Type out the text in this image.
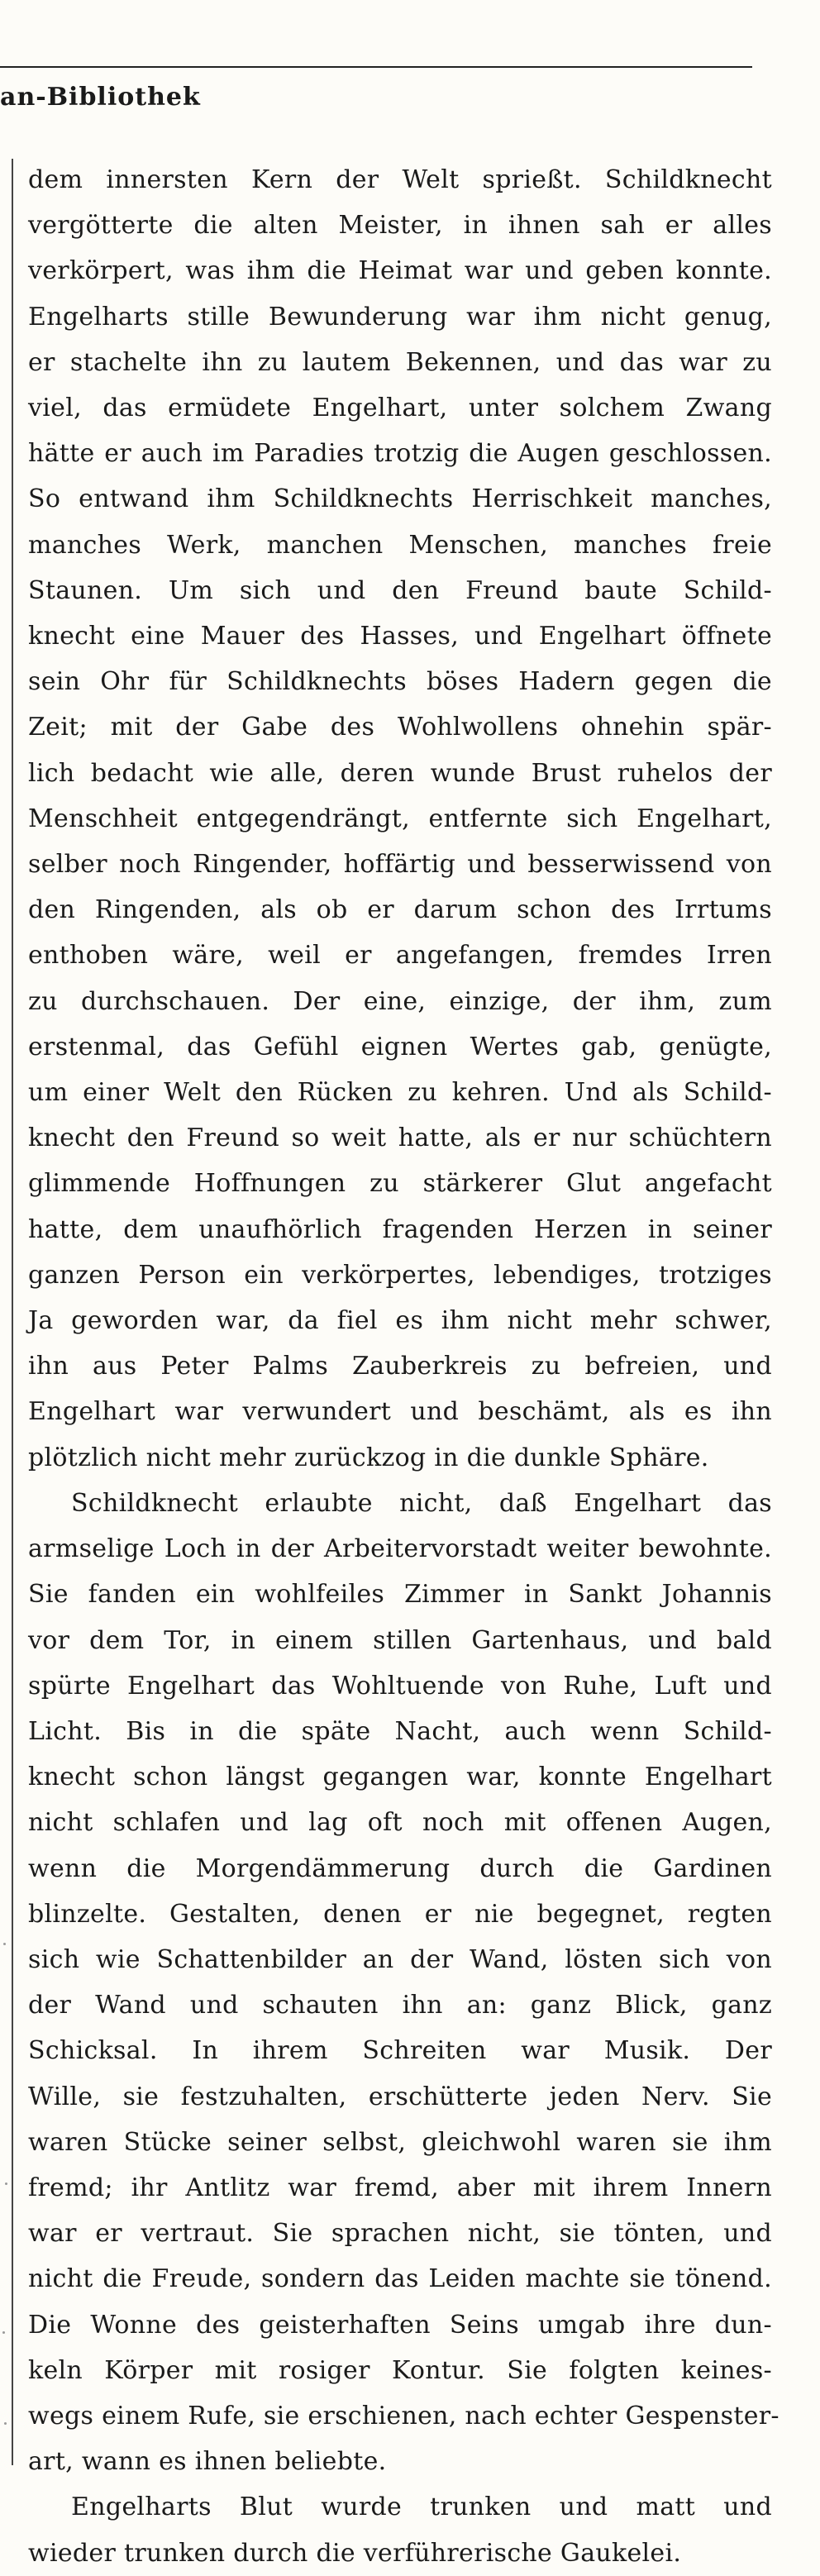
an-Bibliothek

dem innersten Kern der Welt sprießt. Schildknecht
vergötterte die alten Meister, in ihnen sah er alles
verkörpert, was ihm die Heimat war und geben konnte.
Engelharts stille Bewunderung war ihm nicht genug,
er stachelte ihn zu lautem Bekennen, und das war zu
viel, das ermüdete Engelhart, unter solchem Zwang
hätte er auch im Paradies trotzig die Augen geschlossen.
So entwand ihm Schildknechts Herrischkeit manches,
manches Werk, manchen Menschen, manches freie
Staunen. Um sich und den Freund baute Schild-
knecht eine Mauer des Hasses, und Engelhart öffnete
sein Ohr für Schildknechts böses Hadern gegen die
Zeit; mit der Gabe des Wohlwollens ohnehin spär-
lich bedacht wie alle, deren wunde Brust ruhelos der
Menschheit entgegendrängt, entfernte sich Engelhart,
selber noch Ringender, hoffärtig und besserwissend von
den Ringenden, als ob er darum schon des Irrtums
enthoben wäre, weil er angefangen, fremdes Irren
zu durchschauen. Der eine, einzige, der ihm, zum
erstenmal, das Gefühl eignen Wertes gab, genügte,
um einer Welt den Rücken zu kehren. Und als Schild-
knecht den Freund so weit hatte, als er nur schüchtern
glimmende Hoffnungen zu stärkerer Glut angefacht
hatte, dem unaufhörlich fragenden Herzen in seiner
ganzen Person ein verkörpertes, lebendiges, trotziges
Ja geworden war, da fiel es ihm nicht mehr schwer,
ihn aus Peter Palms Zauberkreis zu befreien, und
Engelhart war verwundert und beschämt, als es ihn
plötzlich nicht mehr zurückzog in die dunkle Sphäre.

Schildknecht erlaubte nicht, daß Engelhart das
armselige Loch in der Arbeitervorstadt weiter bewohnte.
Sie fanden ein wohlfeiles Zimmer in Sankt Johannis
vor dem Tor, in einem stillen Gartenhaus, und bald
spürte Engelhart das Wohltuende von Ruhe, Luft und
Licht. Bis in die späte Nacht, auch wenn Schild-
knecht schon längst gegangen war, konnte Engelhart
nicht schlafen und lag oft noch mit offenen Augen,
wenn die Morgendämmerung durch die Gardinen
blinzelte. Gestalten, denen er nie begegnet, regten
sich wie Schattenbilder an der Wand, lösten sich von
der Wand und schauten ihn an: ganz Blick, ganz
Schicksal. In ihrem Schreiten war Musik. Der
Wille, sie festzuhalten, erschütterte jeden Nerv. Sie
waren Stücke seiner selbst, gleichwohl waren sie ihm
fremd; ihr Antlitz war fremd, aber mit ihrem Innern
war er vertraut. Sie sprachen nicht, sie tönten, und
nicht die Freude, sondern das Leiden machte sie tönend.
Die Wonne des geisterhaften Seins umgab ihre dun-
keln Körper mit rosiger Kontur. Sie folgten keines-
wegs einem Rufe, sie erschienen, nach echter Gespenster-
art, wann es ihnen beliebte.

Engelharts Blut wurde trunken und matt und
wieder trunken durch die verführerische Gaukelei.
